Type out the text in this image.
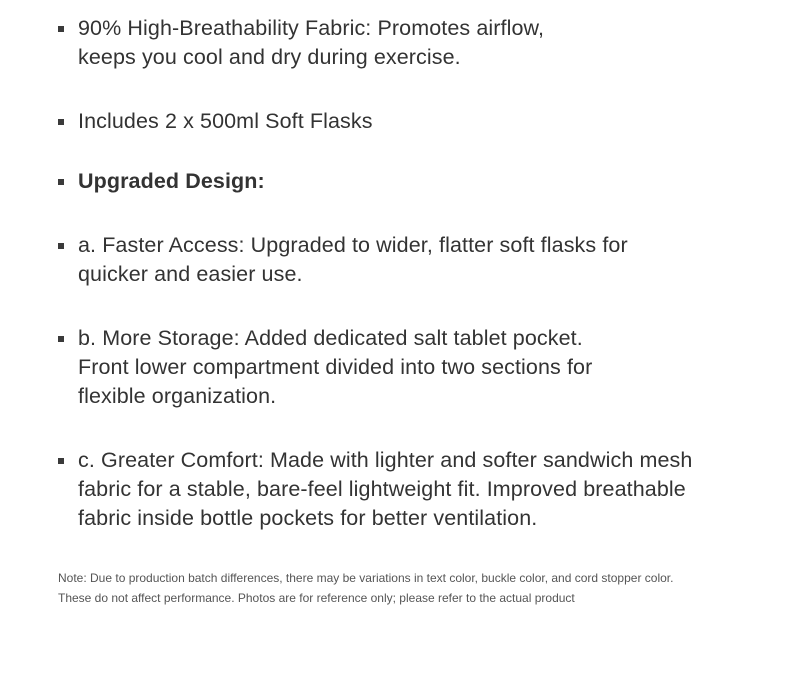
90% High-Breathability Fabric: Promotes airflow,
keeps you cool and dry during exercise.
Includes 2 x 500ml Soft Flasks
Upgraded Design:
a. Faster Access: Upgraded to wider, flatter soft flasks for
quicker and easier use.
b. More Storage: Added dedicated salt tablet pocket.
Front lower compartment divided into two sections for
flexible organization.
c. Greater Comfort: Made with lighter and softer sandwich mesh
fabric for a stable, bare-feel lightweight fit. Improved breathable
fabric inside bottle pockets for better ventilation.
Note: Due to production batch differences, there may be variations in text color, buckle color, and cord stopper color.
These do not affect performance. Photos are for reference only; please refer to the actual product
